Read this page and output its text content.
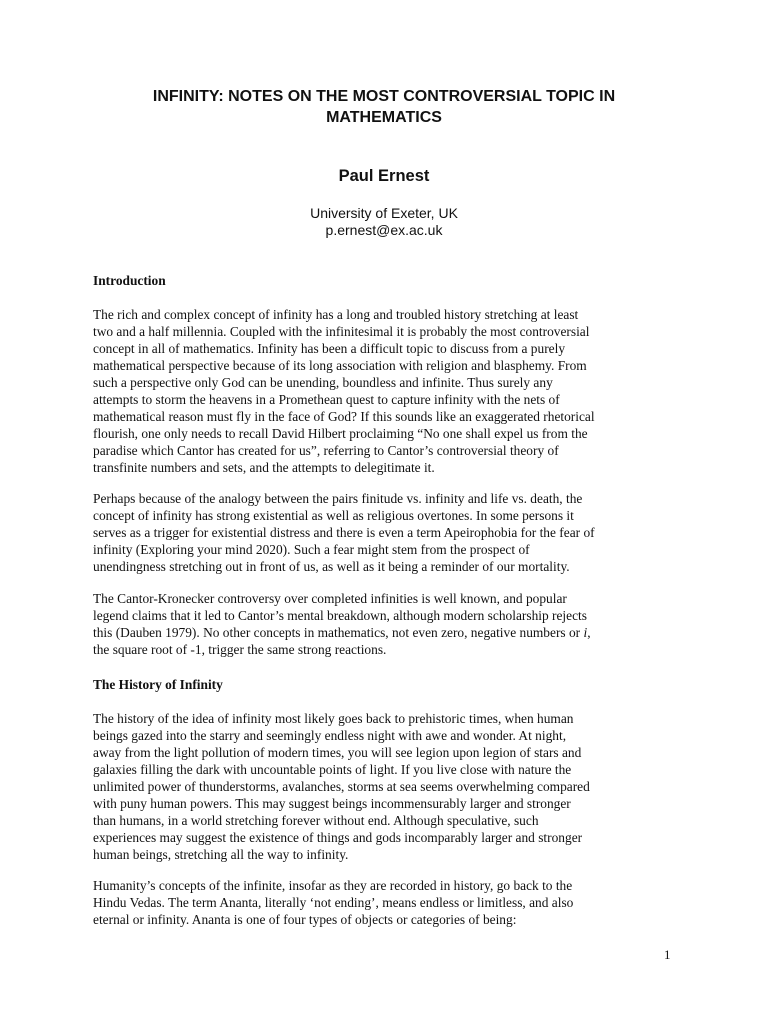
INFINITY: NOTES ON THE MOST CONTROVERSIAL TOPIC IN
MATHEMATICS
Paul Ernest
University of Exeter, UK
p.ernest@ex.ac.uk
Introduction
The rich and complex concept of infinity has a long and troubled history stretching at least
two and a half millennia. Coupled with the infinitesimal it is probably the most controversial
concept in all of mathematics. Infinity has been a difficult topic to discuss from a purely
mathematical perspective because of its long association with religion and blasphemy. From
such a perspective only God can be unending, boundless and infinite. Thus surely any
attempts to storm the heavens in a Promethean quest to capture infinity with the nets of
mathematical reason must fly in the face of God? If this sounds like an exaggerated rhetorical
flourish, one only needs to recall David Hilbert proclaiming “No one shall expel us from the
paradise which Cantor has created for us”, referring to Cantor’s controversial theory of
transfinite numbers and sets, and the attempts to delegitimate it.
Perhaps because of the analogy between the pairs finitude vs. infinity and life vs. death, the
concept of infinity has strong existential as well as religious overtones. In some persons it
serves as a trigger for existential distress and there is even a term Apeirophobia for the fear of
infinity (Exploring your mind 2020). Such a fear might stem from the prospect of
unendingness stretching out in front of us, as well as it being a reminder of our mortality.
The Cantor-Kronecker controversy over completed infinities is well known, and popular
legend claims that it led to Cantor’s mental breakdown, although modern scholarship rejects
this (Dauben 1979). No other concepts in mathematics, not even zero, negative numbers or i,
the square root of -1, trigger the same strong reactions.
The History of Infinity
The history of the idea of infinity most likely goes back to prehistoric times, when human
beings gazed into the starry and seemingly endless night with awe and wonder. At night,
away from the light pollution of modern times, you will see legion upon legion of stars and
galaxies filling the dark with uncountable points of light. If you live close with nature the
unlimited power of thunderstorms, avalanches, storms at sea seems overwhelming compared
with puny human powers. This may suggest beings incommensurably larger and stronger
than humans, in a world stretching forever without end. Although speculative, such
experiences may suggest the existence of things and gods incomparably larger and stronger
human beings, stretching all the way to infinity.
Humanity’s concepts of the infinite, insofar as they are recorded in history, go back to the
Hindu Vedas. The term Ananta, literally ‘not ending’, means endless or limitless, and also
eternal or infinity. Ananta is one of four types of objects or categories of being:
1
